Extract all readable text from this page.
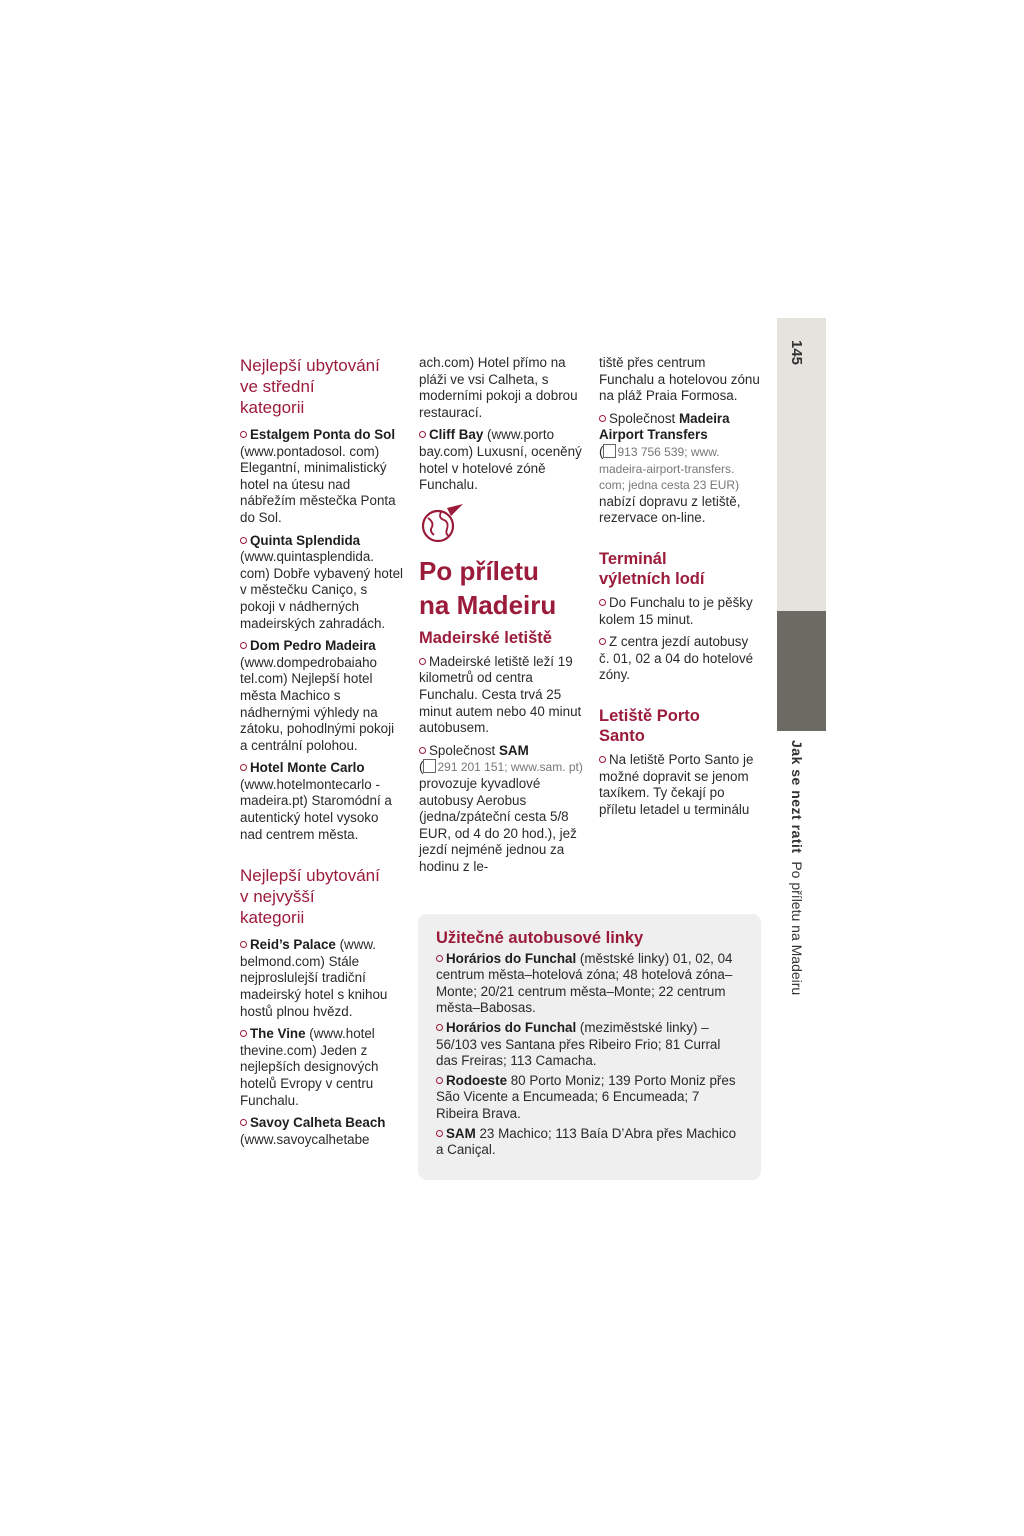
Nejlepší ubytování
ve střední
kategorii

Estalgem Ponta do Sol (www.pontadosol. com) Elegantní, minimalistický hotel na útesu nad nábřežím městečka Ponta do Sol.

Quinta Splendida (www.quintasplendida. com) Dobře vybavený hotel v městečku Caniço, s pokoji v nádherných madeirských zahradách.

Dom Pedro Madeira (www.dompedrobaiaho tel.com) Nejlepší hotel města Machico s nádhernými výhledy na zátoku, pohodlnými pokoji a centrální polohou.

Hotel Monte Carlo (www.hotelmontecarlo -madeira.pt) Staromódní a autentický hotel vysoko nad centrem města.

Nejlepší ubytování
v nejvyšší
kategorii

Reid’s Palace (www. belmond.com) Stále nejproslulejší tradiční madeirský hotel s knihou hostů plnou hvězd.

The Vine (www.hotel thevine.com) Jeden z nejlepších designových hotelů Evropy v centru Funchalu.

Savoy Calheta Beach (www.savoycalhetabe

ach.com) Hotel přímo na pláži ve vsi Calheta, s moderními pokoji a dobrou restaurací.

Cliff Bay (www.porto bay.com) Luxusní, oceněný hotel v hotelové zóně Funchalu.

Po příletu
na Madeiru
Madeirské letiště

Madeirské letiště leží 19 kilometrů od centra Funchalu. Cesta trvá 25 minut autem nebo 40 minut autobusem.

Společnost SAM
( 291 201 151; www.sam. pt) provozuje kyvadlové autobusy Aerobus (jedna/zpáteční cesta 5/8 EUR, od 4 do 20 hod.), jež jezdí nejméně jednou za hodinu z le-

tiště přes centrum Funchalu a hotelovou zónu na pláž Praia Formosa.

Společnost Madeira Airport Transfers
( 913 756 539; www. madeira-airport-transfers. com; jedna cesta 23 EUR) nabízí dopravu z letiště, rezervace on-line.

Terminál
výletních lodí

Do Funchalu to je pěšky kolem 15 minut.

Z centra jezdí autobusy č. 01, 02 a 04 do hotelové zóny.

Letiště Porto
Santo

Na letiště Porto Santo je možné dopravit se jenom taxíkem. Ty čekají po příletu letadel u terminálu

Užitečné autobusové linky

Horários do Funchal (městské linky) 01, 02, 04 centrum města–hotelová zóna; 48 hotelová zóna–Monte; 20/21 centrum města–Monte; 22 centrum města–Babosas.

Horários do Funchal (meziměstské linky) – 56/103 ves Santana přes Ribeiro Frio; 81 Curral das Freiras; 113 Camacha.

Rodoeste 80 Porto Moniz; 139 Porto Moniz přes São Vicente a Encumeada; 6 Encumeada; 7 Ribeira Brava.

SAM 23 Machico; 113 Baía D’Abra přes Machico a Caniçal.

145
Jak se nezt ratit  Po příletu na Madeiru
